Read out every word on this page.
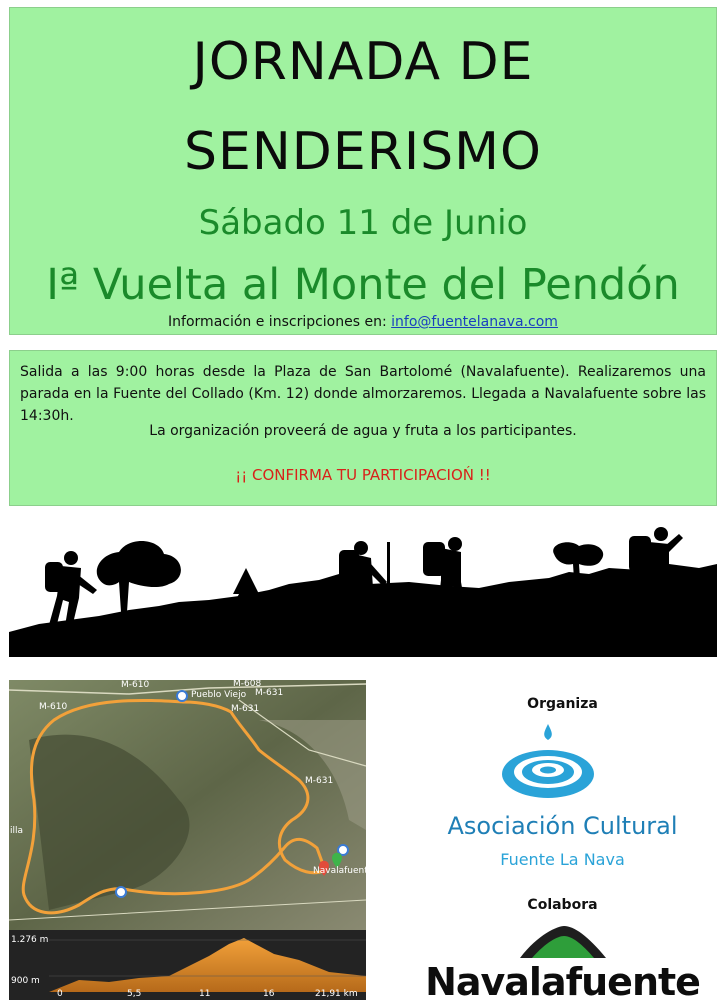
JORNADA DE
SENDERISMO
Sábado 11 de Junio
Iª Vuelta al Monte del Pendón
Información e inscripciones en: info@fuentelanava.com
Salida a las 9:00 horas desde la Plaza de San Bartolomé (Navalafuente). Realizaremos una parada en la Fuente del Collado (Km. 12) donde almorzaremos. Llegada a Navalafuente sobre las 14:30h.
La organización proveerá de agua y fruta a los participantes.
¡¡ CONFIRMA TU PARTICIPACIOŃ !!
M-610
M-610
M-608
M-631
M-631
M-631
Pueblo Viejo
Navalafuente
illa
1.276 m
900 m
0	5,5	11	16	21,91 km
Organiza
Asociación Cultural
Fuente La Nava
Colabora
Navalafuente
